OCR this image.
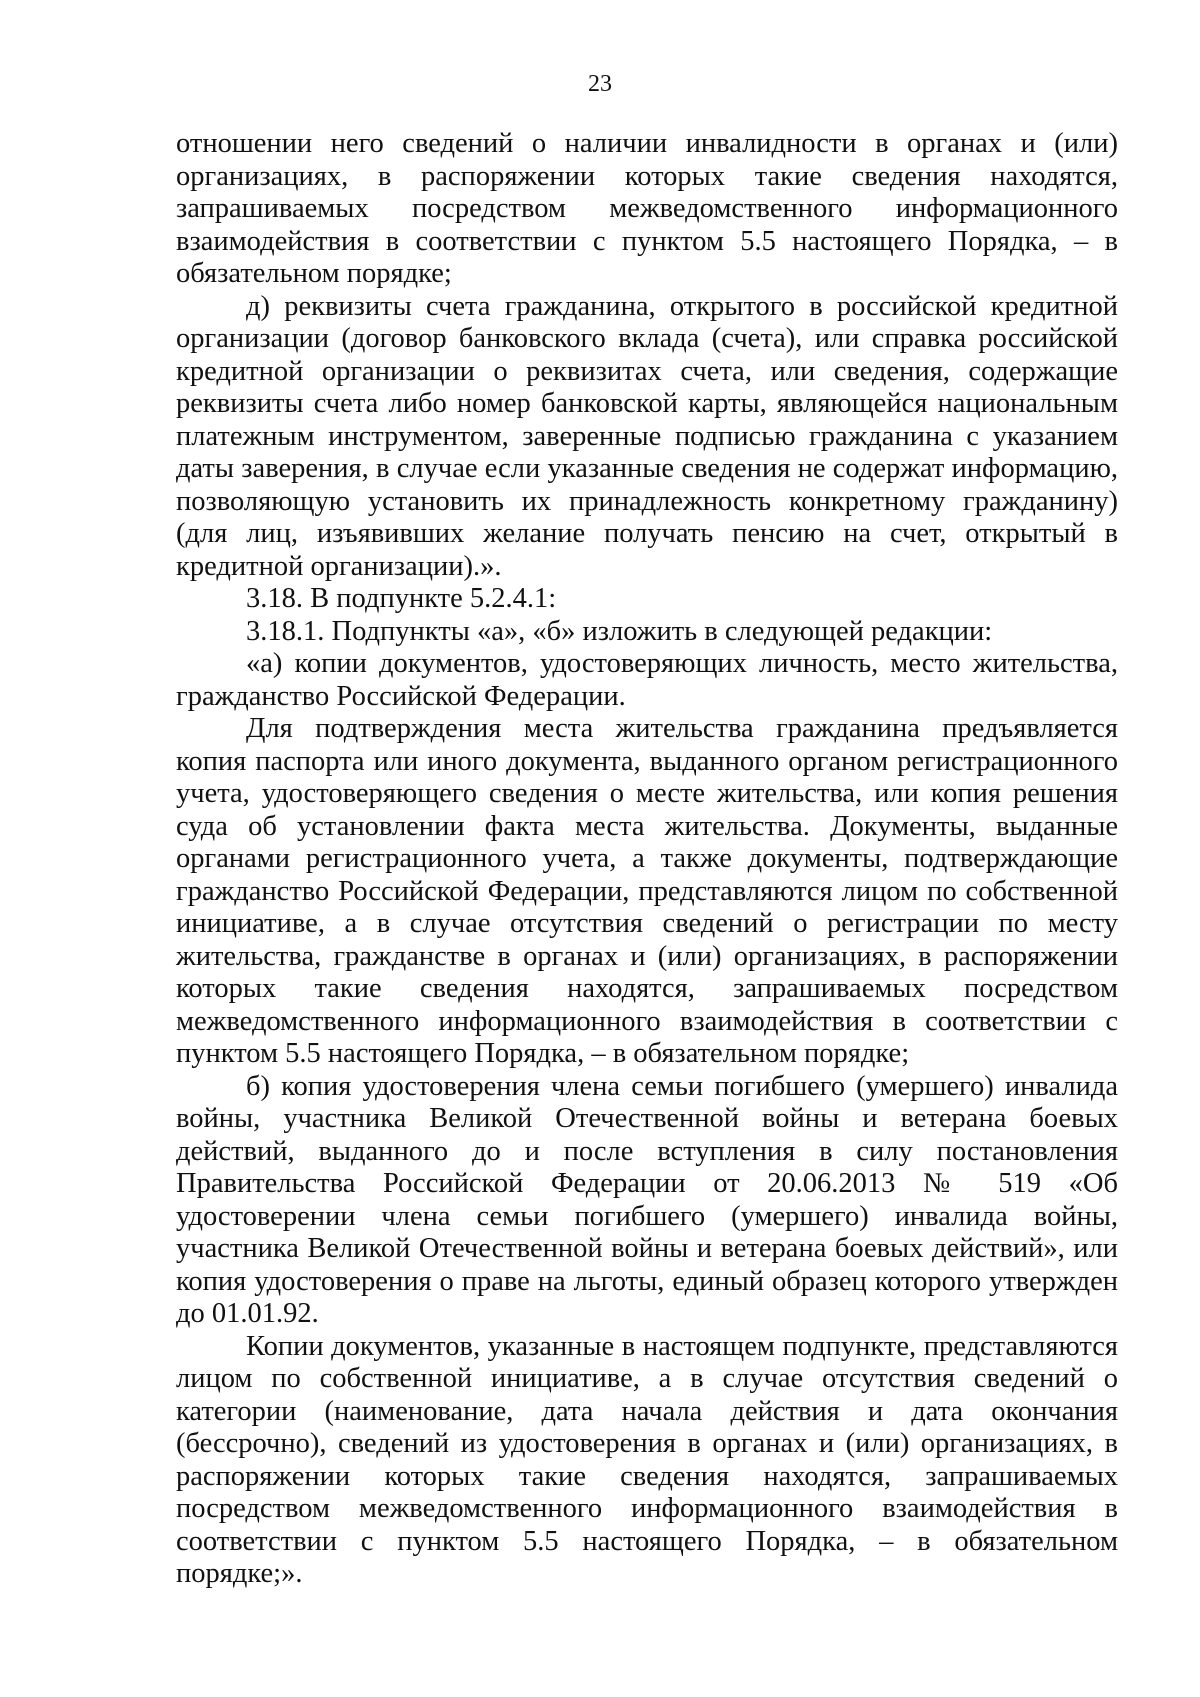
23

отношении него сведений о наличии инвалидности в органах и (или) организациях, в распоряжении которых такие сведения находятся, запрашиваемых посредством межведомственного информационного взаимодействия в соответствии с пунктом 5.5 настоящего Порядка, – в обязательном порядке;

д) реквизиты счета гражданина, открытого в российской кредитной организации (договор банковского вклада (счета), или справка российской кредитной организации о реквизитах счета, или сведения, содержащие реквизиты счета либо номер банковской карты, являющейся национальным платежным инструментом, заверенные подписью гражданина с указанием даты заверения, в случае если указанные сведения не содержат информацию, позволяющую установить их принадлежность конкретному гражданину) (для лиц, изъявивших желание получать пенсию на счет, открытый в кредитной организации).».

3.18. В подпункте 5.2.4.1:

3.18.1. Подпункты «а», «б» изложить в следующей редакции:

«а) копии документов, удостоверяющих личность, место жительства, гражданство Российской Федерации.

Для подтверждения места жительства гражданина предъявляется копия паспорта или иного документа, выданного органом регистрационного учета, удостоверяющего сведения о месте жительства, или копия решения суда об установлении факта места жительства. Документы, выданные органами регистрационного учета, а также документы, подтверждающие гражданство Российской Федерации, представляются лицом по собственной инициативе, а в случае отсутствия сведений о регистрации по месту жительства, гражданстве в органах и (или) организациях, в распоряжении которых такие сведения находятся, запрашиваемых посредством межведомственного информационного взаимодействия в соответствии с пунктом 5.5 настоящего Порядка, – в обязательном порядке;

б) копия удостоверения члена семьи погибшего (умершего) инвалида войны, участника Великой Отечественной войны и ветерана боевых действий, выданного до и после вступления в силу постановления Правительства Российской Федерации от 20.06.2013 № 519 «Об удостоверении члена семьи погибшего (умершего) инвалида войны, участника Великой Отечественной войны и ветерана боевых действий», или копия удостоверения о праве на льготы, единый образец которого утвержден до 01.01.92.

Копии документов, указанные в настоящем подпункте, представляются лицом по собственной инициативе, а в случае отсутствия сведений о категории (наименование, дата начала действия и дата окончания (бессрочно), сведений из удостоверения в органах и (или) организациях, в распоряжении которых такие сведения находятся, запрашиваемых посредством межведомственного информационного взаимодействия в соответствии с пунктом 5.5 настоящего Порядка, – в обязательном порядке;».
